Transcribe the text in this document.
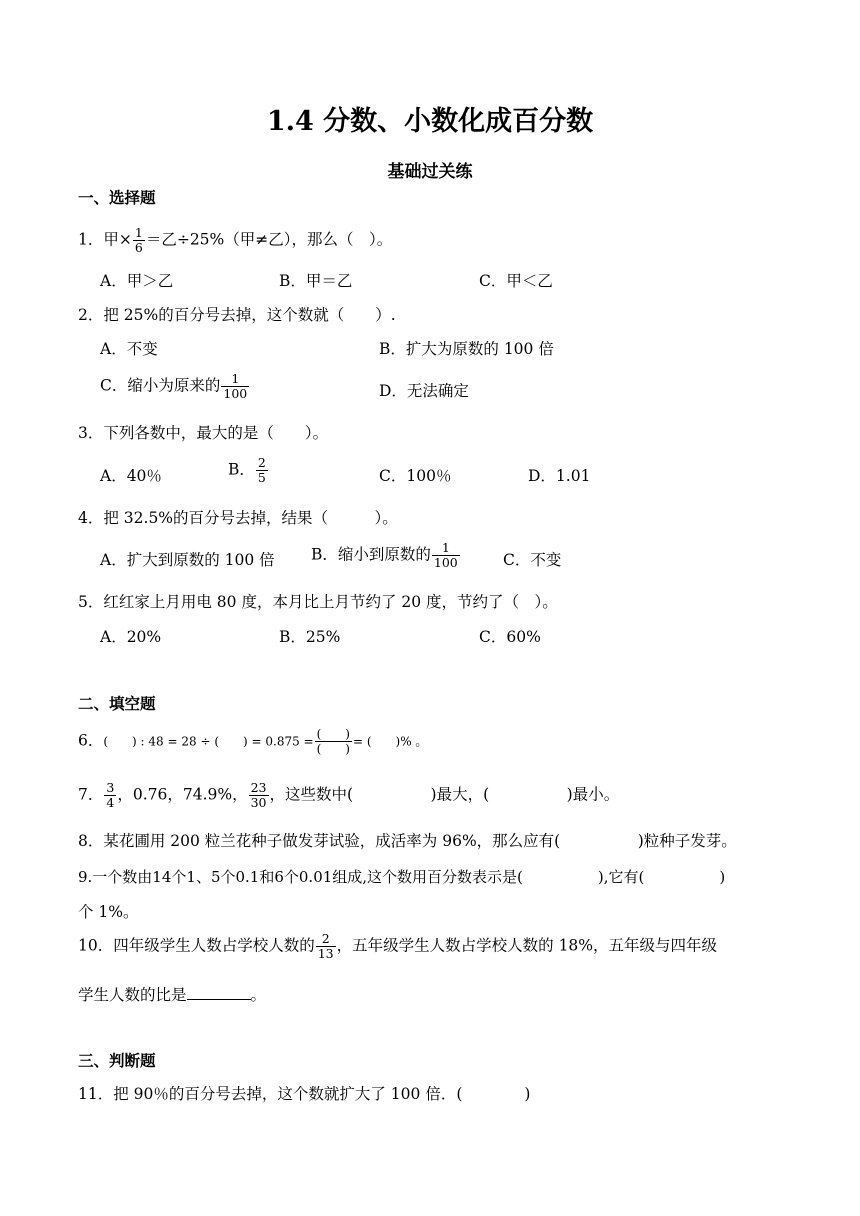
1.4 分数、小数化成百分数
基础过关练
一、选择题
1．甲× $\frac{1}{6}$ ＝乙÷25%（甲≠乙），那么（　）。
A．甲＞乙	B．甲＝乙	C．甲＜乙
2．把 25%的百分号去掉，这个数就（　　）.
A．不变	B．扩大为原数的 100 倍
C．缩小为原来的 $\frac{1}{100}$	D．无法确定
3．下列各数中，最大的是（　　）。
A．40％	B． $\frac{2}{5}$	C．100％	D．1.01
4．把 32.5%的百分号去掉，结果（　　　）。
A．扩大到原数的 100 倍 B．缩小到原数的 $\frac{1}{100}$	C．不变
5．红红家上月用电 80 度，本月比上月节约了 20 度，节约了（　）。
A．20%	B．25%	C．60%
二、填空题
6．(　　) : 48 = 28 ÷ (　　) = $0.875 = \frac{( )}{( )}$ = (　　)% 。
7． $\frac{3}{4}$ ，0.76，74.9%， $\frac{23}{30}$ ，这些数中(　　　　　)最大，(　　　　　)最小。
8．某花圃用 200 粒兰花种子做发芽试验，成活率为 96%，那么应有(　　　　　)粒种子发芽。
9.一个数由14个1、5个0.1和6个0.01组成,这个数用百分数表示是(　　　　　),它有(　　　　　)
个 1%。
10．四年级学生人数占学校人数的 $\frac{2}{13}$ ，五年级学生人数占学校人数的 18%，五年级与四年级
学生人数的比是	。
三、判断题
11．把 90％的百分号去掉，这个数就扩大了 100 倍．(　　　　)
